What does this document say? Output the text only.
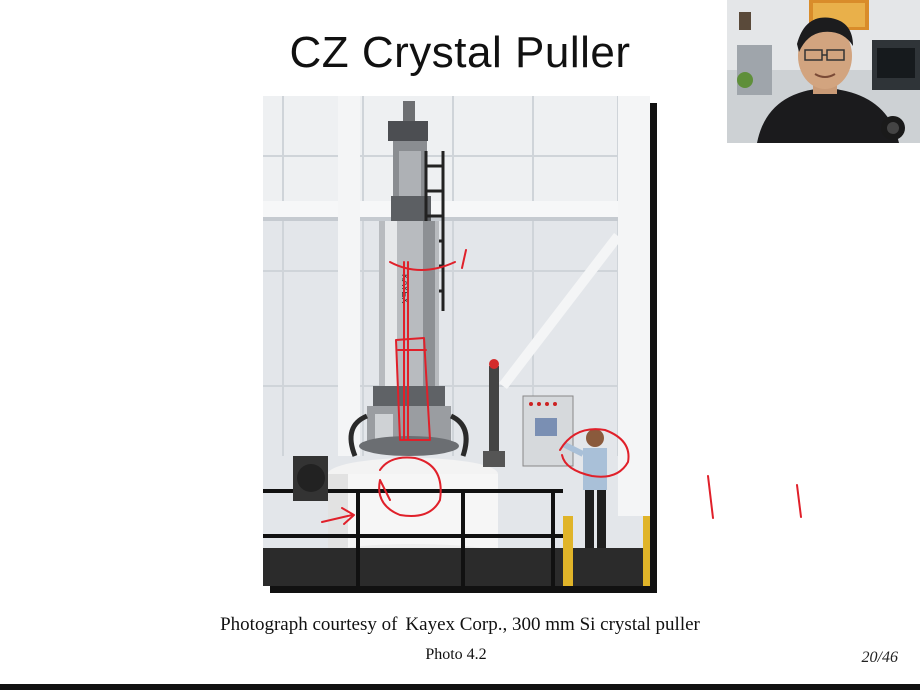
CZ Crystal Puller
KAYEX
Photograph courtesy of Kayex Corp., 300 mm Si crystal puller
Photo 4.2	20/46
